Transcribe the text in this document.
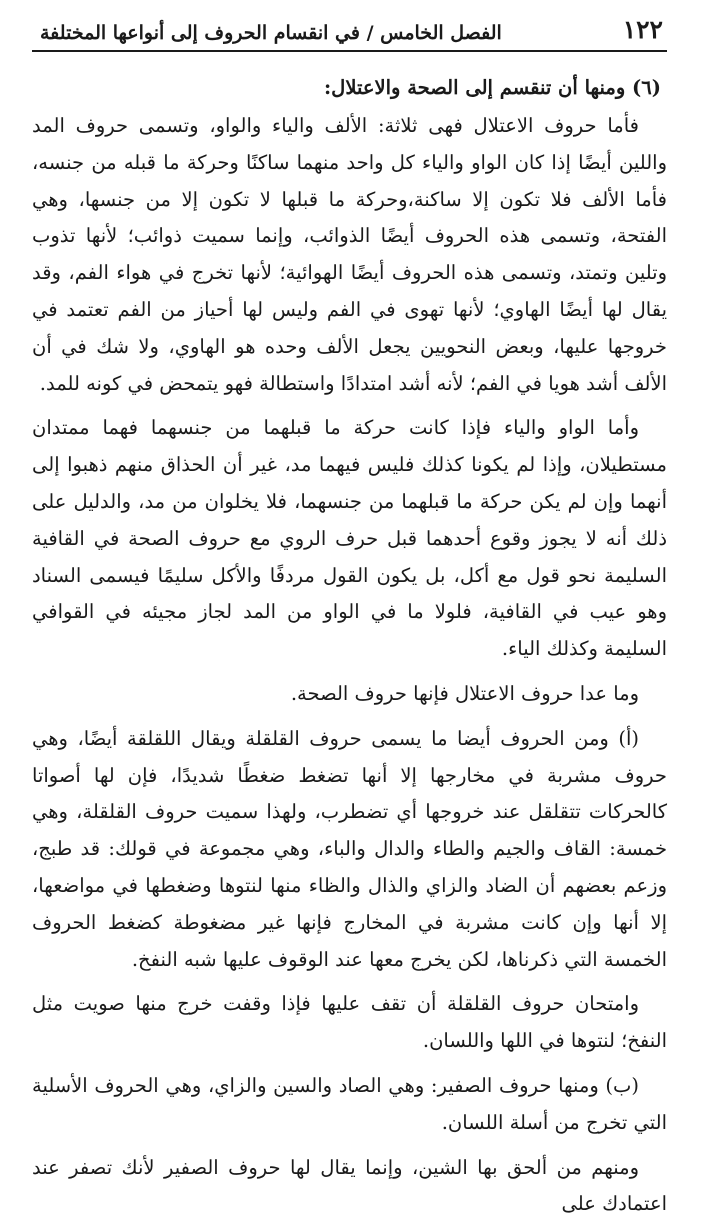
١٢٢
الفصل الخامس / في انقسام الحروف إلى أنواعها المختلفة
(٦) ومنها أن تنقسم إلى الصحة والاعتلال:

فأما حروف الاعتلال فهى ثلاثة: الألف والياء والواو، وتسمى حروف المد واللين أيضًا إذا كان الواو والياء كل واحد منهما ساكنًا وحركة ما قبله من جنسه، فأما الألف فلا تكون إلا ساكنة،وحركة ما قبلها لا تكون إلا من جنسها، وهي الفتحة، وتسمى هذه الحروف أيضًا الذوائب، وإنما سميت ذوائب؛ لأنها تذوب وتلين وتمتد، وتسمى هذه الحروف أيضًا الهوائية؛ لأنها تخرج في هواء الفم، وقد يقال لها أيضًا الهاوي؛ لأنها تهوى في الفم وليس لها أحياز من الفم تعتمد في خروجها عليها، وبعض النحويين يجعل الألف وحده هو الهاوي، ولا شك في أن الألف أشد هويا في الفم؛ لأنه أشد امتدادًا واستطالة فهو يتمحض في كونه للمد.

وأما الواو والياء فإذا كانت حركة ما قبلهما من جنسهما فهما ممتدان مستطيلان، وإذا لم يكونا كذلك فليس فيهما مد، غير أن الحذاق منهم ذهبوا إلى أنهما وإن لم يكن حركة ما قبلهما من جنسهما، فلا يخلوان من مد، والدليل على ذلك أنه لا يجوز وقوع أحدهما قبل حرف الروي مع حروف الصحة في القافية السليمة نحو قول مع أكل، بل يكون القول مردفًا والأكل سليمًا فيسمى السناد وهو عيب في القافية، فلولا ما في الواو من المد لجاز مجيئه في القوافي السليمة وكذلك الياء.

وما عدا حروف الاعتلال فإنها حروف الصحة.

(أ) ومن الحروف أيضا ما يسمى حروف القلقلة ويقال اللقلقة أيضًا، وهي حروف مشربة في مخارجها إلا أنها تضغط ضغطًا شديدًا، فإن لها أصواتا كالحركات تتقلقل عند خروجها أي تضطرب، ولهذا سميت حروف القلقلة، وهي خمسة: القاف والجيم والطاء والدال والباء، وهي مجموعة في قولك: قد طبج، وزعم بعضهم أن الضاد والزاي والذال والظاء منها لنتوها وضغطها في مواضعها، إلا أنها وإن كانت مشربة في المخارج فإنها غير مضغوطة كضغط الحروف الخمسة التي ذكرناها، لكن يخرج معها عند الوقوف عليها شبه النفخ.

وامتحان حروف القلقلة أن تقف عليها فإذا وقفت خرج منها صويت مثل النفخ؛ لنتوها في اللها واللسان.

(ب) ومنها حروف الصفير: وهي الصاد والسين والزاي، وهي الحروف الأسلية التي تخرج من أسلة اللسان.

ومنهم من ألحق بها الشين، وإنما يقال لها حروف الصفير لأنك تصفر عند اعتمادك على
